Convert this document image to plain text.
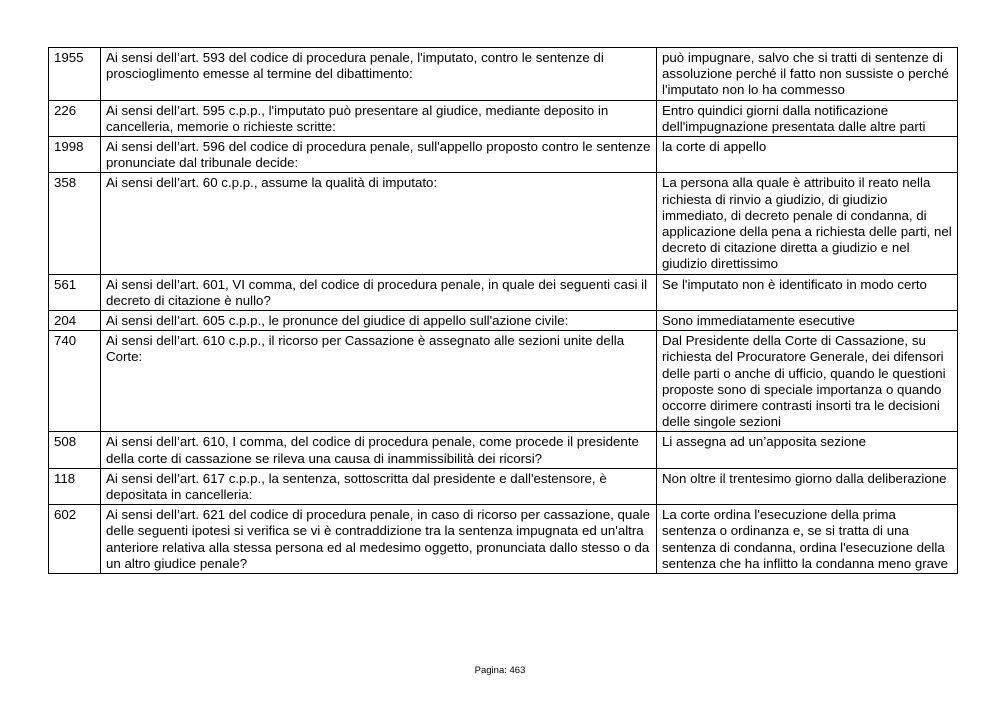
1955	Ai sensi dell’art. 593 del codice di procedura penale, l'imputato, contro le sentenze di proscioglimento emesse al termine del dibattimento:	può impugnare, salvo che si tratti di sentenze di assoluzione perché il fatto non sussiste o perché l'imputato non lo ha commesso
226	Ai sensi dell’art. 595 c.p.p., l'imputato può presentare al giudice, mediante deposito in cancelleria, memorie o richieste scritte:	Entro quindici giorni dalla notificazione dell'impugnazione presentata dalle altre parti
1998	Ai sensi dell’art. 596 del codice di procedura penale, sull'appello proposto contro le sentenze pronunciate dal tribunale decide:	la corte di appello
358	Ai sensi dell’art. 60 c.p.p., assume la qualità di imputato:	La persona alla quale è attribuito il reato nella richiesta di rinvio a giudizio, di giudizio immediato, di decreto penale di condanna, di applicazione della pena a richiesta delle parti, nel decreto di citazione diretta a giudizio e nel giudizio direttissimo
561	Ai sensi dell’art. 601, VI comma, del codice di procedura penale, in quale dei seguenti casi il decreto di citazione è nullo?	Se l'imputato non è identificato in modo certo
204	Ai sensi dell’art. 605 c.p.p., le pronunce del giudice di appello sull'azione civile:	Sono immediatamente esecutive
740	Ai sensi dell’art. 610 c.p.p., il ricorso per Cassazione è assegnato alle sezioni unite della Corte:	Dal Presidente della Corte di Cassazione, su richiesta del Procuratore Generale, dei difensori delle parti o anche di ufficio, quando le questioni proposte sono di speciale importanza o quando occorre dirimere contrasti insorti tra le decisioni delle singole sezioni
508	Ai sensi dell’art. 610, I comma, del codice di procedura penale, come procede il presidente della corte di cassazione se rileva una causa di inammissibilità dei ricorsi?	Li assegna ad un’apposita sezione
118	Ai sensi dell’art. 617 c.p.p., la sentenza, sottoscritta dal presidente e dall'estensore, è depositata in cancelleria:	Non oltre il trentesimo giorno dalla deliberazione
602	Ai sensi dell’art. 621 del codice di procedura penale, in caso di ricorso per cassazione, quale delle seguenti ipotesi si verifica se vi è contraddizione tra la sentenza impugnata ed un'altra anteriore relativa alla stessa persona ed al medesimo oggetto, pronunciata dallo stesso o da un altro giudice penale?	La corte ordina l'esecuzione della prima sentenza o ordinanza e, se si tratta di una sentenza di condanna, ordina l'esecuzione della sentenza che ha inflitto la condanna meno grave
Pagina: 463
